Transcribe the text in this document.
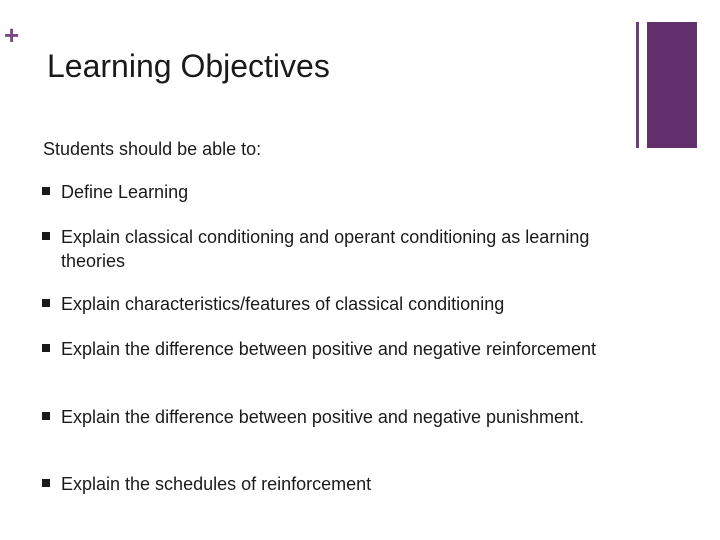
+
Learning Objectives
Students should be able to:
Define Learning
Explain classical conditioning and operant conditioning as learning theories
Explain characteristics/features of classical conditioning
Explain the difference between positive and negative reinforcement
Explain the difference between positive and negative punishment.
Explain the schedules of reinforcement
